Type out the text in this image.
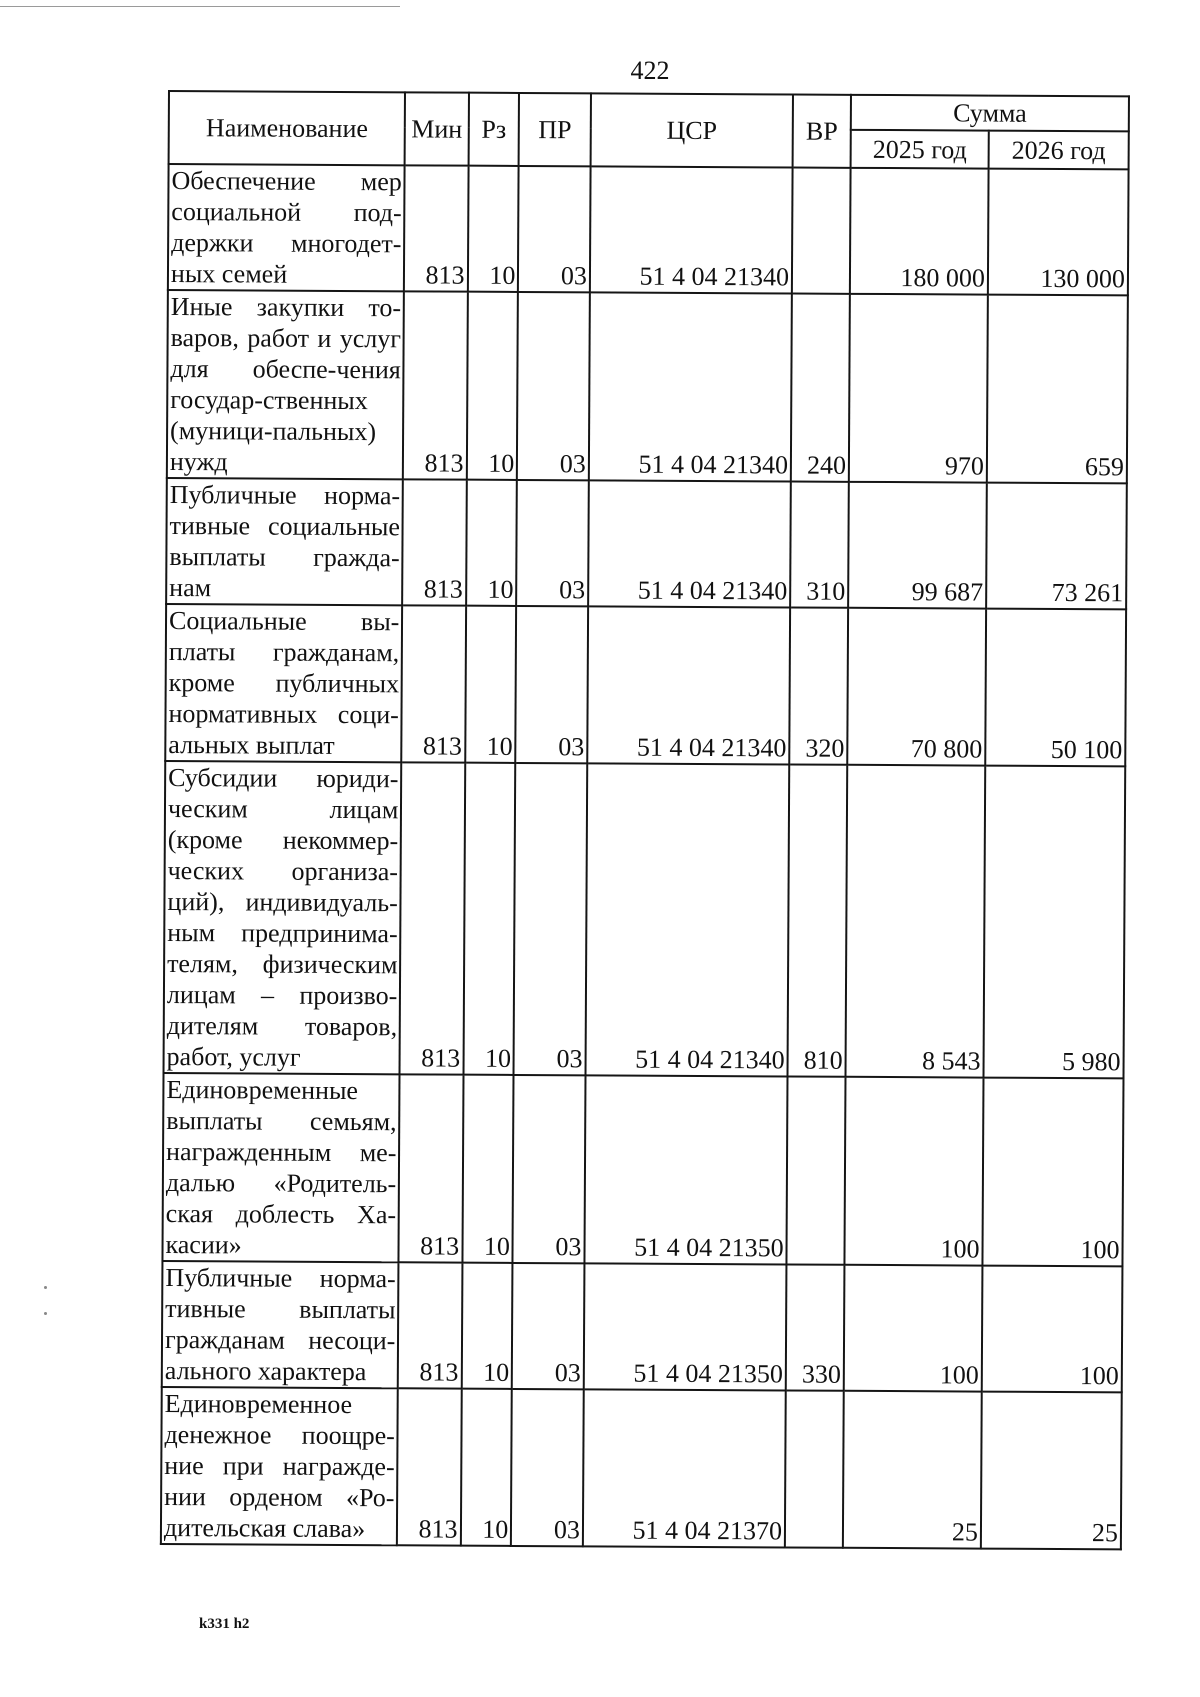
422
Наименование	Мин	Рз	ПР	ЦСР	ВР	Сумма	
						2025 год	2026 год
Обеспечение мер социальной под-держки многодет-ных семей	813	10	03	51 4 04 21340		180 000	130 000
Иные закупки то-варов, работ и услуг для обеспе-чения государ-ственных (муници-пальных) нужд	813	10	03	51 4 04 21340	240	970	659
Публичные норма-тивные социальные выплаты гражда-нам	813	10	03	51 4 04 21340	310	99 687	73 261
Социальные вы-платы гражданам, кроме публичных нормативных соци-альных выплат	813	10	03	51 4 04 21340	320	70 800	50 100
Субсидии юриди-ческим лицам (кроме некоммер-ческих организа-ций), индивидуаль-ным предпринима-телям, физическим лицам – произво-дителям товаров, работ, услуг	813	10	03	51 4 04 21340	810	8 543	5 980
Единовременные выплаты семьям, награжденным ме-далью «Родитель-ская доблесть Ха-касии»	813	10	03	51 4 04 21350		100	100
Публичные норма-тивные выплаты гражданам несоци-ального характера	813	10	03	51 4 04 21350	330	100	100
Единовременное денежное поощре-ние при награжде-нии орденом «Ро-дительская слава»	813	10	03	51 4 04 21370		25	25
k331 h2
